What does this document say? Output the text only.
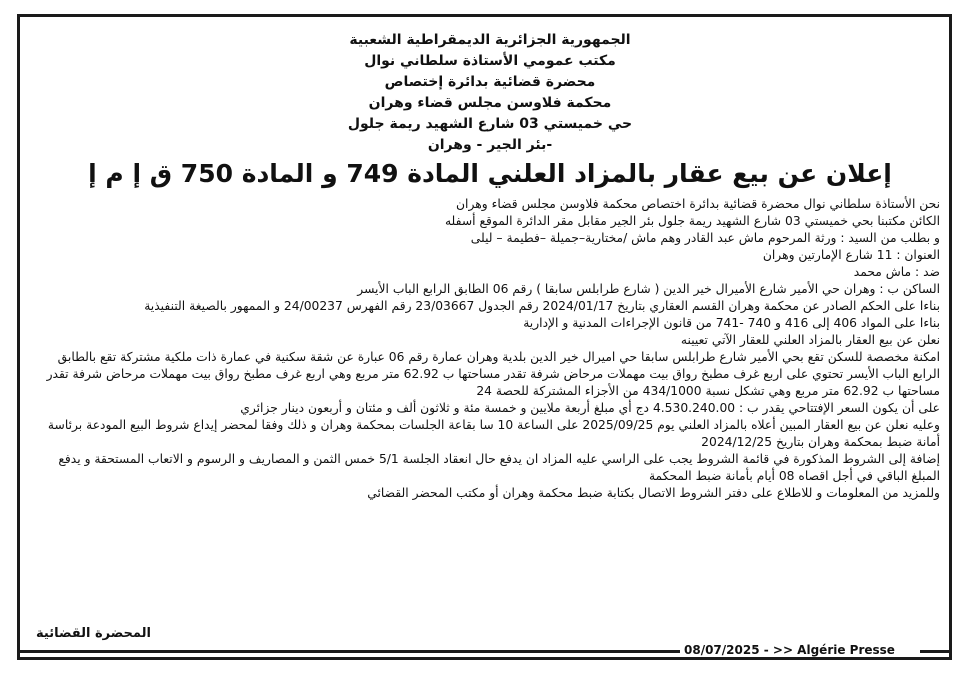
08/07/2025 - >> Algérie Presse
الجمهورية الجزائرية الديمقراطية الشعبية
مكتب عمومي الأستاذة سلطاني نوال
محضرة قضائية بدائرة إختصاص
محكمة فلاوسن مجلس قضاء وهران
حي خميستي 03 شارع الشهيد ريمة جلول
-بئر الجير - وهران
إعلان عن بيع عقار بالمزاد العلني المادة 749 و المادة 750 ق إ م إ

نحن الأستاذة سلطاني نوال محضرة قضائية بدائرة اختصاص محكمة فلاوسن مجلس قضاء وهران

الكائن مكتبنا بحي خميستي 03 شارع الشهيد ريمة جلول بئر الجير مقابل مقر الدائرة الموقع أسفله

و بطلب من السيد : ورثة المرحوم ماش عبد القادر وهم ماش /مختارية–جميلة –فطيمة – ليلى

العنوان : 11 شارع الإمارتين وهران

ضد : ماش محمد

الساكن ب : وهران حي الأمير شارع الأميرال خير الدين ( شارع طرابلس سابقا ) رقم 06 الطابق الرابع الباب الأيسر

بناءا على الحكم الصادر عن محكمة وهران القسم العقاري بتاريخ 2024/01/17 رقم الجدول 23/03667 رقم الفهرس 24/00237 و الممهور بالصيغة التنفيذية

بناءا على المواد 406 إلى 416 و 740 -741 من قانون الإجراءات المدنية و الإدارية

نعلن عن بيع العقار بالمزاد العلني للعقار الآتي تعيينه

امكنة مخصصة للسكن تقع بحي الأمير شارع طرابلس سابقا حي اميرال خير الدين بلدية وهران عمارة رقم 06 عبارة عن شقة سكنية في عمارة ذات ملكية مشتركة تقع بالطابق الرابع الباب الأيسر تحتوي على اربع غرف مطبخ رواق بيت مهملات مرحاض شرفة تقدر مساحتها ب 62.92 متر مربع وهي اربع غرف مطبخ رواق بيت مهملات مرحاض شرفة تقدر مساحتها ب 62.92 متر مربع وهي تشكل نسبة 434/1000 من الأجزاء المشتركة للحصة 24

على أن يكون السعر الإفتتاحي يقدر ب : 4.530.240.00 دج أي مبلغ أربعة ملايين و خمسة مئة و ثلاثون ألف و مئتان و أربعون دينار جزائري

وعليه نعلن عن بيع العقار المبين أعلاه بالمزاد العلني يوم 2025/09/25 على الساعة 10 سا بقاعة الجلسات بمحكمة وهران و ذلك وفقا لمحضر إيداع شروط البيع المودعة برئاسة أمانة ضبط بمحكمة وهران بتاريخ 2024/12/25

إضافة إلى الشروط المذكورة في قائمة الشروط يجب على الراسي عليه المزاد ان يدفع حال انعقاد الجلسة 5/1 خمس الثمن و المصاريف و الرسوم و الاتعاب المستحقة و يدفع المبلغ الباقي في أجل اقصاه 08 أيام بأمانة ضبط المحكمة

وللمزيد من المعلومات و للاطلاع على دفتر الشروط الاتصال بكتابة ضبط محكمة وهران أو مكتب المحضر القضائي

المحضرة القضائية
